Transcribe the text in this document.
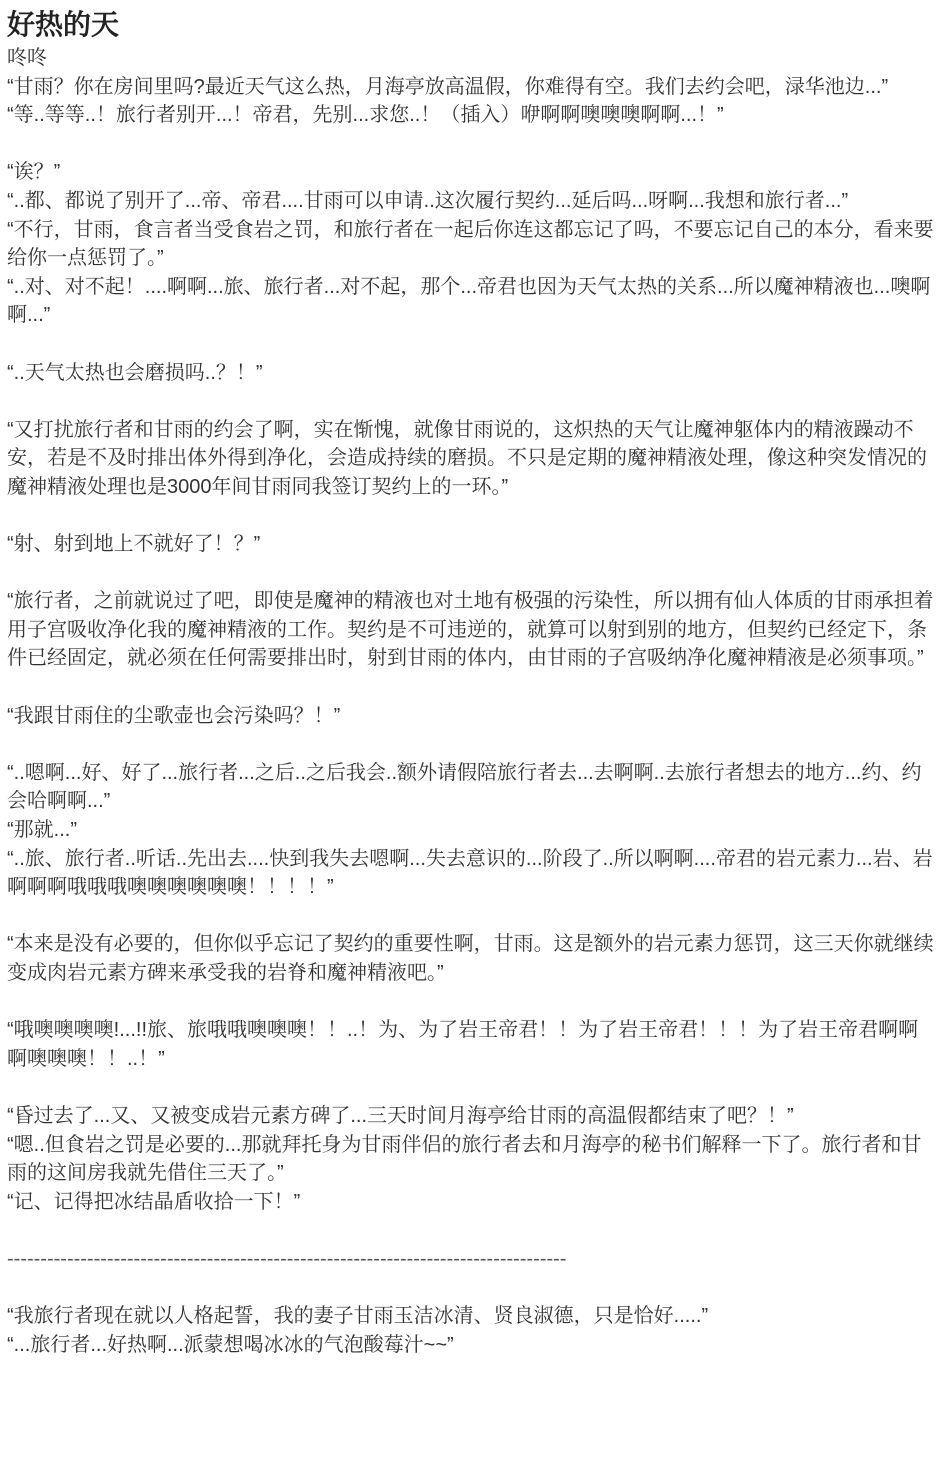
好热的天
咚咚
“甘雨？你在房间里吗?最近天气这么热，月海亭放高温假，你难得有空。我们去约会吧，渌华池边...”
“等..等等..！旅行者别开...！帝君，先别...求您..！（插入）咿啊啊噢噢噢啊啊...！”
“诶？”
“..都、都说了别开了...帝、帝君....甘雨可以申请..这次履行契约...延后吗...呀啊...我想和旅行者...”
“不行，甘雨，食言者当受食岩之罚，和旅行者在一起后你连这都忘记了吗，不要忘记自己的本分，看来要给你一点惩罚了。”
“..对、对不起！....啊啊...旅、旅行者...对不起，那个...帝君也因为天气太热的关系...所以魔神精液也...噢啊啊...”
“..天气太热也会磨损吗..？！”
“又打扰旅行者和甘雨的约会了啊，实在惭愧，就像甘雨说的，这炽热的天气让魔神躯体内的精液躁动不安，若是不及时排出体外得到净化，会造成持续的磨损。不只是定期的魔神精液处理，像这种突发情况的魔神精液处理也是3000年间甘雨同我签订契约上的一环。”
“射、射到地上不就好了！？”
“旅行者，之前就说过了吧，即使是魔神的精液也对土地有极强的污染性，所以拥有仙人体质的甘雨承担着用子宫吸收净化我的魔神精液的工作。契约是不可违逆的，就算可以射到别的地方，但契约已经定下，条件已经固定，就必须在任何需要排出时，射到甘雨的体内，由甘雨的子宫吸纳净化魔神精液是必须事项。”
“我跟甘雨住的尘歌壶也会污染吗？！”
“..嗯啊...好、好了...旅行者...之后..之后我会..额外请假陪旅行者去...去啊啊..去旅行者想去的地方...约、约会哈啊啊...”
“那就...”
“..旅、旅行者..听话..先出去....快到我失去嗯啊...失去意识的...阶段了..所以啊啊....帝君的岩元素力...岩、岩啊啊啊哦哦哦噢噢噢噢噢噢！！！！”
“本来是没有必要的，但你似乎忘记了契约的重要性啊，甘雨。这是额外的岩元素力惩罚，这三天你就继续变成肉岩元素方碑来承受我的岩脊和魔神精液吧。”
“哦噢噢噢噢!...!!旅、旅哦哦噢噢噢！！..！为、为了岩王帝君！！为了岩王帝君！！！为了岩王帝君啊啊啊噢噢噢！！..！”
“昏过去了...又、又被变成岩元素方碑了...三天时间月海亭给甘雨的高温假都结束了吧？！”
“嗯..但食岩之罚是必要的...那就拜托身为甘雨伴侣的旅行者去和月海亭的秘书们解释一下了。旅行者和甘雨的这间房我就先借住三天了。”
“记、记得把冰结晶盾收拾一下！”
------------------------------------------------------------------------------------
“我旅行者现在就以人格起誓，我的妻子甘雨玉洁冰清、贤良淑德，只是恰好.....”
“...旅行者...好热啊...派蒙想喝冰冰的气泡酸莓汁~~”
